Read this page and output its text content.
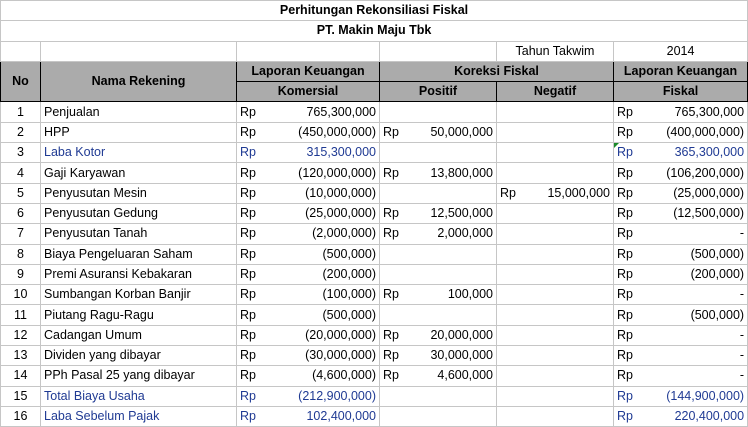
Perhitungan Rekonsiliasi Fiskal					
PT. Makin Maju Tbk					
				Tahun Takwim	2014
No	Nama Rekening	Laporan Keuangan	Koreksi Fiskal		Laporan Keuangan
		Komersial	Positif	Negatif	Fiskal
1	Penjualan	Rp 765,300,000			Rp 765,300,000

2	HPP	Rp (450,000,000)	Rp 50,000,000		Rp (400,000,000)

3	Laba Kotor	Rp 315,300,000			Rp 365,300,000

4	Gaji Karyawan	Rp (120,000,000)	Rp 13,800,000		Rp (106,200,000)

5	Penyusutan Mesin	Rp (10,000,000)		Rp 15,000,000	Rp (25,000,000)

6	Penyusutan Gedung	Rp (25,000,000)	Rp 12,500,000		Rp (12,500,000)

7	Penyusutan Tanah	Rp (2,000,000)	Rp 2,000,000		Rp -

8	Biaya Pengeluaran Saham	Rp (500,000)			Rp (500,000)

9	Premi Asuransi Kebakaran	Rp (200,000)			Rp (200,000)

10	Sumbangan Korban Banjir	Rp (100,000)	Rp 100,000		Rp -

11	Piutang Ragu-Ragu	Rp (500,000)			Rp (500,000)

12	Cadangan Umum	Rp (20,000,000)	Rp 20,000,000		Rp -

13	Dividen yang dibayar	Rp (30,000,000)	Rp 30,000,000		Rp -

14	PPh Pasal 25 yang dibayar	Rp (4,600,000)	Rp 4,600,000		Rp -

15	Total Biaya Usaha	Rp (212,900,000)			Rp (144,900,000)

16	Laba Sebelum Pajak	Rp 102,400,000			Rp 220,400,000
